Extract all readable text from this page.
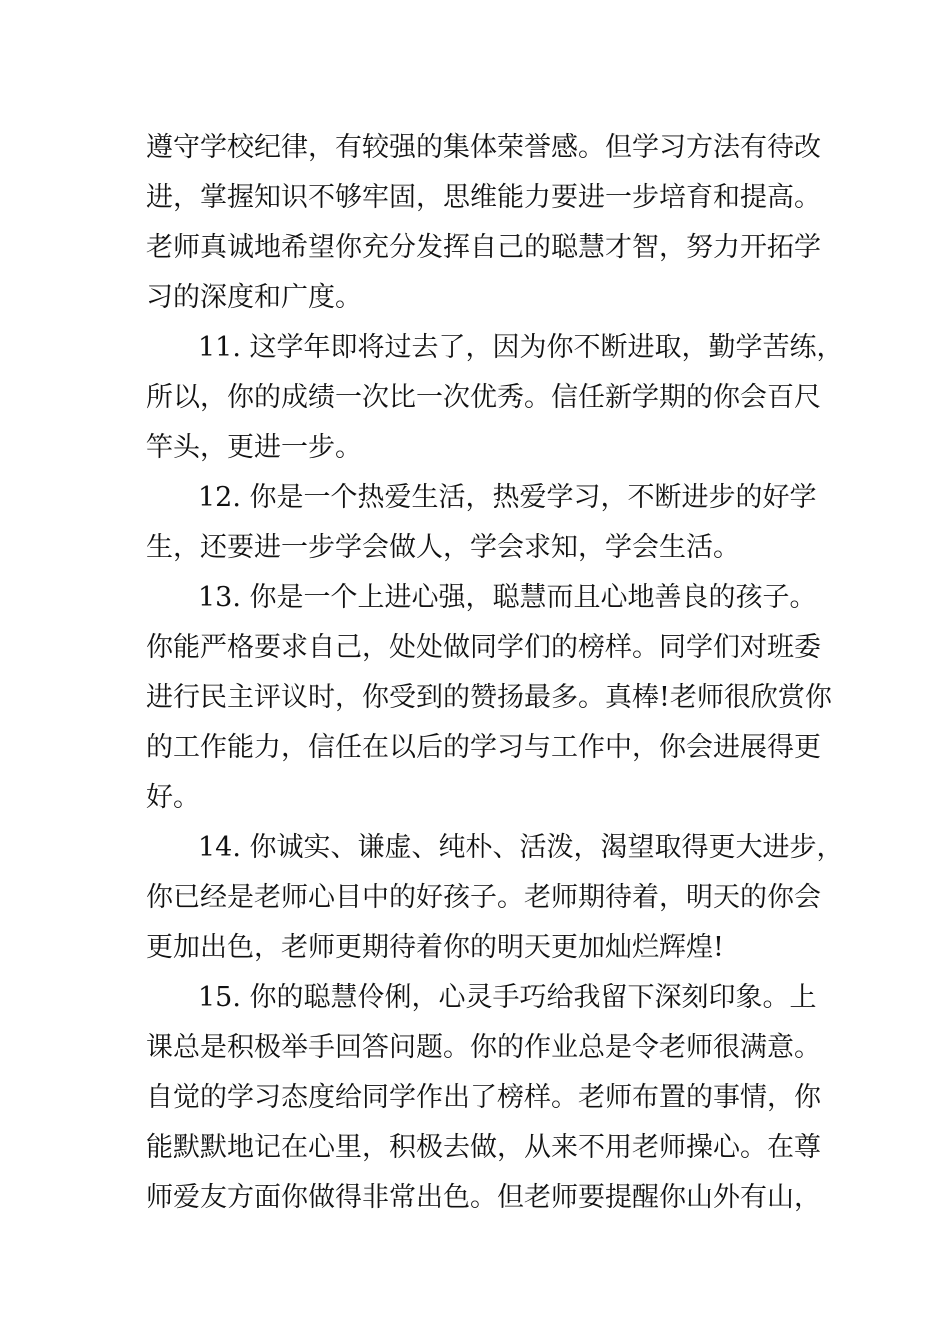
遵守学校纪律，有较强的集体荣誉感。但学习方法有待改
进，掌握知识不够牢固，思维能力要进一步培育和提高。
老师真诚地希望你充分发挥自己的聪慧才智，努力开拓学
习的深度和广度。
11. 这学年即将过去了，因为你不断进取，勤学苦练，
所以，你的成绩一次比一次优秀。信任新学期的你会百尺
竿头，更进一步。
12. 你是一个热爱生活，热爱学习，不断进步的好学
生，还要进一步学会做人，学会求知，学会生活。
13. 你是一个上进心强，聪慧而且心地善良的孩子。
你能严格要求自己，处处做同学们的榜样。同学们对班委
进行民主评议时，你受到的赞扬最多。真棒!老师很欣赏你
的工作能力，信任在以后的学习与工作中，你会进展得更
好。
14. 你诚实、谦虚、纯朴、活泼，渴望取得更大进步，
你已经是老师心目中的好孩子。老师期待着，明天的你会
更加出色，老师更期待着你的明天更加灿烂辉煌!
15. 你的聪慧伶俐，心灵手巧给我留下深刻印象。上
课总是积极举手回答问题。你的作业总是令老师很满意。
自觉的学习态度给同学作出了榜样。老师布置的事情，你
能默默地记在心里，积极去做，从来不用老师操心。在尊
师爱友方面你做得非常出色。但老师要提醒你山外有山，
